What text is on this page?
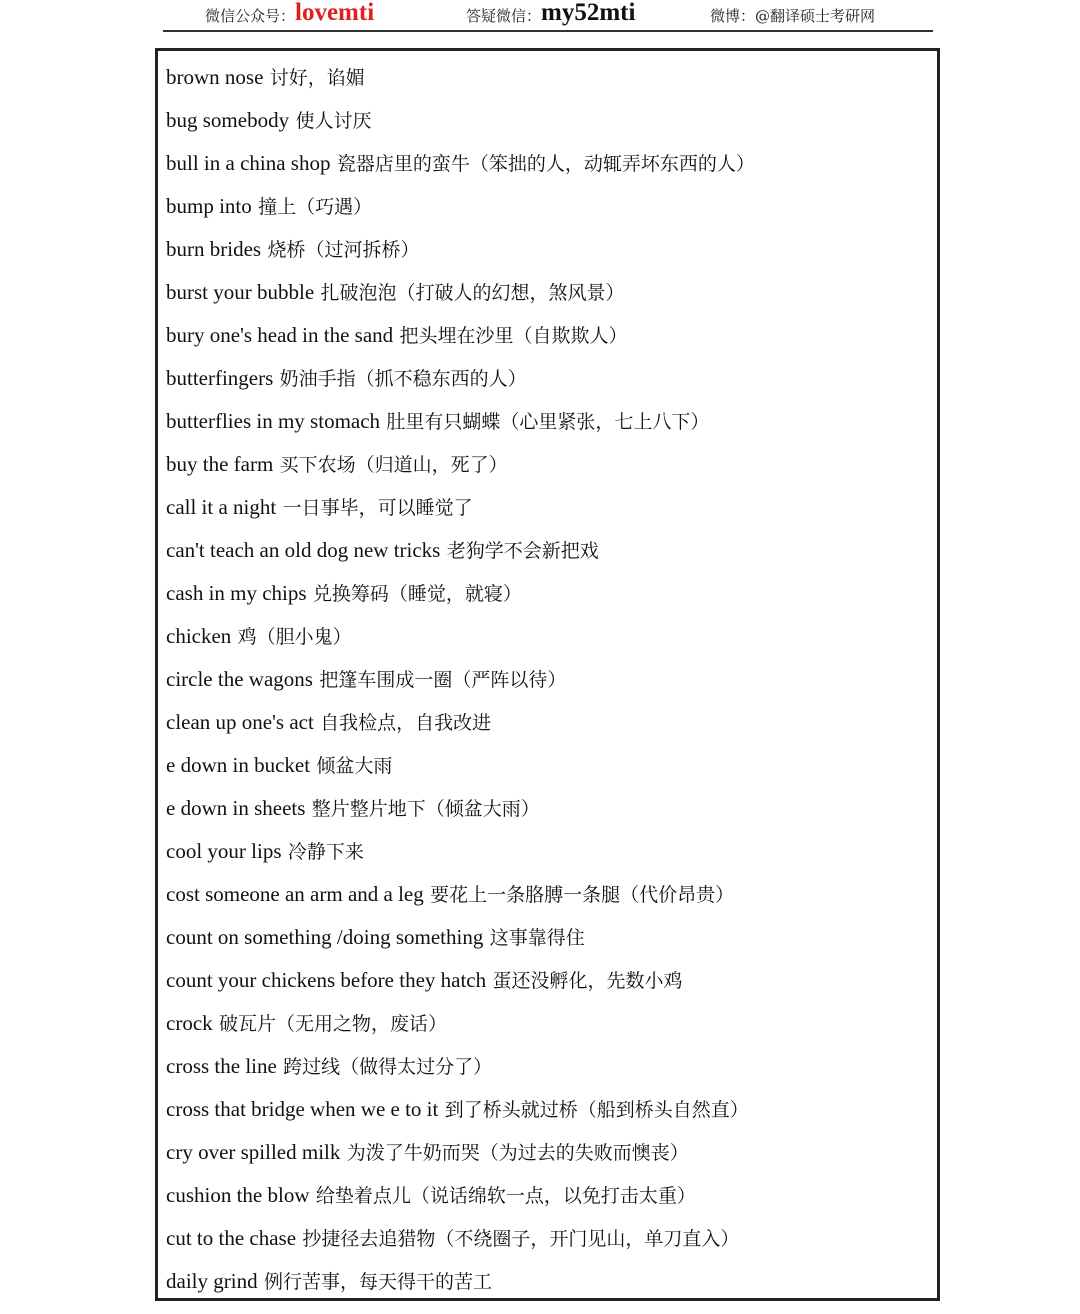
微信公众号： lovemti	答疑微信： my52mti	微博：@翻译硕士考研网
brown nose 讨好，谄媚
bug somebody 使人讨厌
bull in a china shop 瓷器店里的蛮牛（笨拙的人，动辄弄坏东西的人）
bump into 撞上（巧遇）
burn brides 烧桥（过河拆桥）
burst your bubble 扎破泡泡（打破人的幻想，煞风景）
bury one's head in the sand 把头埋在沙里（自欺欺人）
butterfingers 奶油手指（抓不稳东西的人）
butterflies in my stomach 肚里有只蝴蝶（心里紧张，七上八下）
buy the farm 买下农场（归道山，死了）
call it a night 一日事毕，可以睡觉了
can't teach an old dog new tricks 老狗学不会新把戏
cash in my chips 兑换筹码（睡觉，就寝）
chicken 鸡（胆小鬼）
circle the wagons 把篷车围成一圈（严阵以待）
clean up one's act 自我检点，自我改进
e down in bucket 倾盆大雨
e down in sheets 整片整片地下（倾盆大雨）
cool your lips 冷静下来
cost someone an arm and a leg 要花上一条胳膊一条腿（代价昂贵）
count on something /doing something 这事靠得住
count your chickens before they hatch 蛋还没孵化，先数小鸡
crock 破瓦片（无用之物，废话）
cross the line 跨过线（做得太过分了）
cross that bridge when we e to it 到了桥头就过桥（船到桥头自然直）
cry over spilled milk 为泼了牛奶而哭（为过去的失败而懊丧）
cushion the blow 给垫着点儿（说话绵软一点，以免打击太重）
cut to the chase 抄捷径去追猎物（不绕圈子，开门见山，单刀直入）
daily grind 例行苦事，每天得干的苦工
